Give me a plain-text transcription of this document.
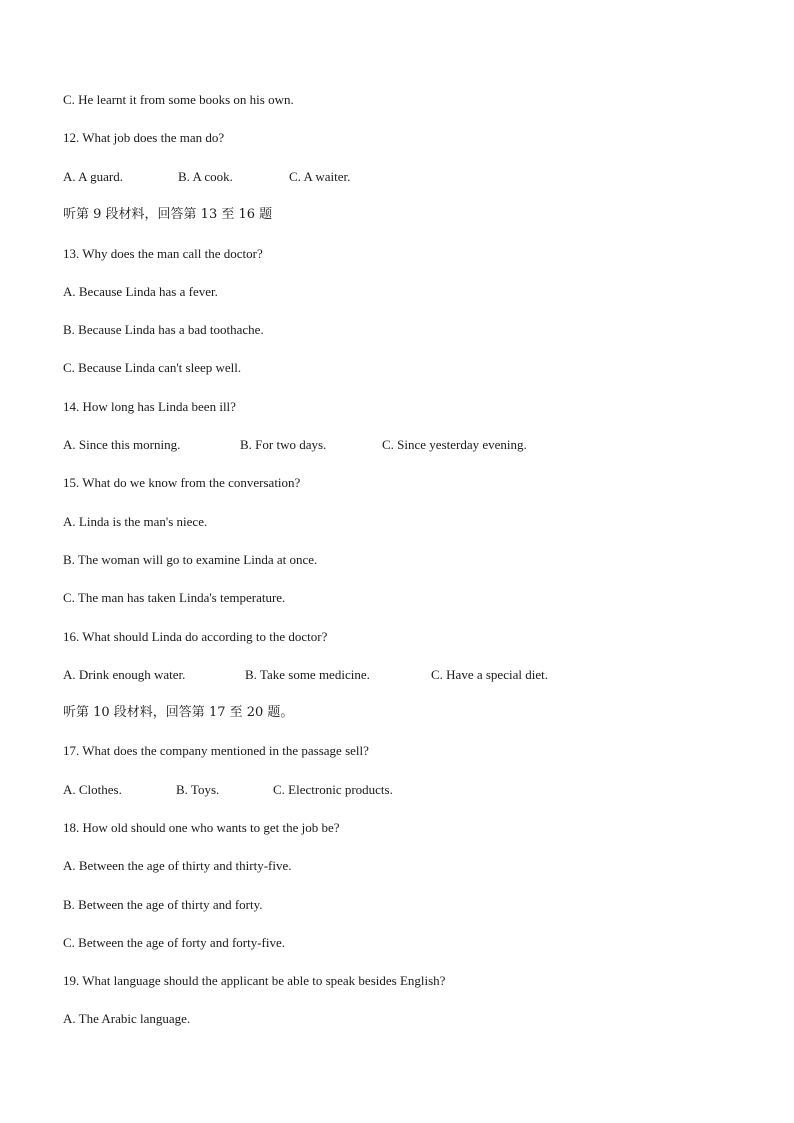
C. He learnt it from some books on his own.
12. What job does the man do?
A. A guard.	B. A cook.	C. A waiter.
听第 9 段材料，回答第 13 至 16 题
13. Why does the man call the doctor?
A. Because Linda has a fever.
B. Because Linda has a bad toothache.
C. Because Linda can't sleep well.
14. How long has Linda been ill?
A. Since this morning.	B. For two days.	C. Since yesterday evening.
15. What do we know from the conversation?
A. Linda is the man's niece.
B. The woman will go to examine Linda at once.
C. The man has taken Linda's temperature.
16. What should Linda do according to the doctor?
A. Drink enough water.	B. Take some medicine.	C. Have a special diet.
听第 10 段材料，回答第 17 至 20 题。
17. What does the company mentioned in the passage sell?
A. Clothes.	B. Toys.	C. Electronic products.
18. How old should one who wants to get the job be?
A. Between the age of thirty and thirty-five.
B. Between the age of thirty and forty.
C. Between the age of forty and forty-five.
19. What language should the applicant be able to speak besides English?
A. The Arabic language.
